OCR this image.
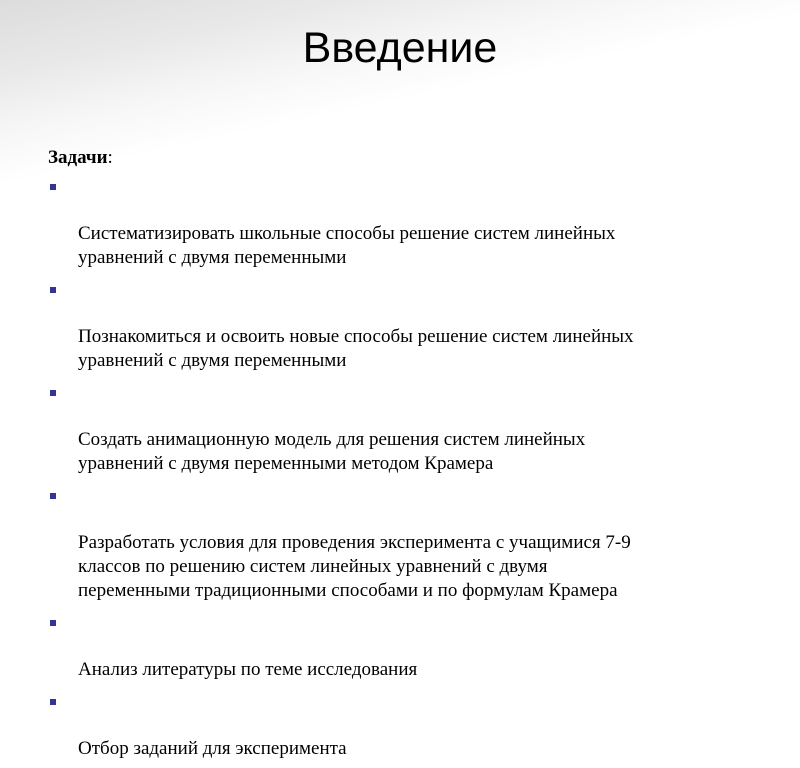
Введение
Задачи:

Систематизировать школьные способы решение систем линейных
уравнений с двумя переменными

Познакомиться и освоить новые способы решение систем линейных
уравнений с двумя переменными

Создать анимационную модель для решения систем линейных
уравнений с двумя переменными методом Крамера

Разработать условия для проведения эксперимента с учащимися 7-9
классов по решению систем линейных уравнений с двумя
переменными традиционными способами и по формулам Крамера

Анализ литературы по теме исследования

Отбор заданий для эксперимента
